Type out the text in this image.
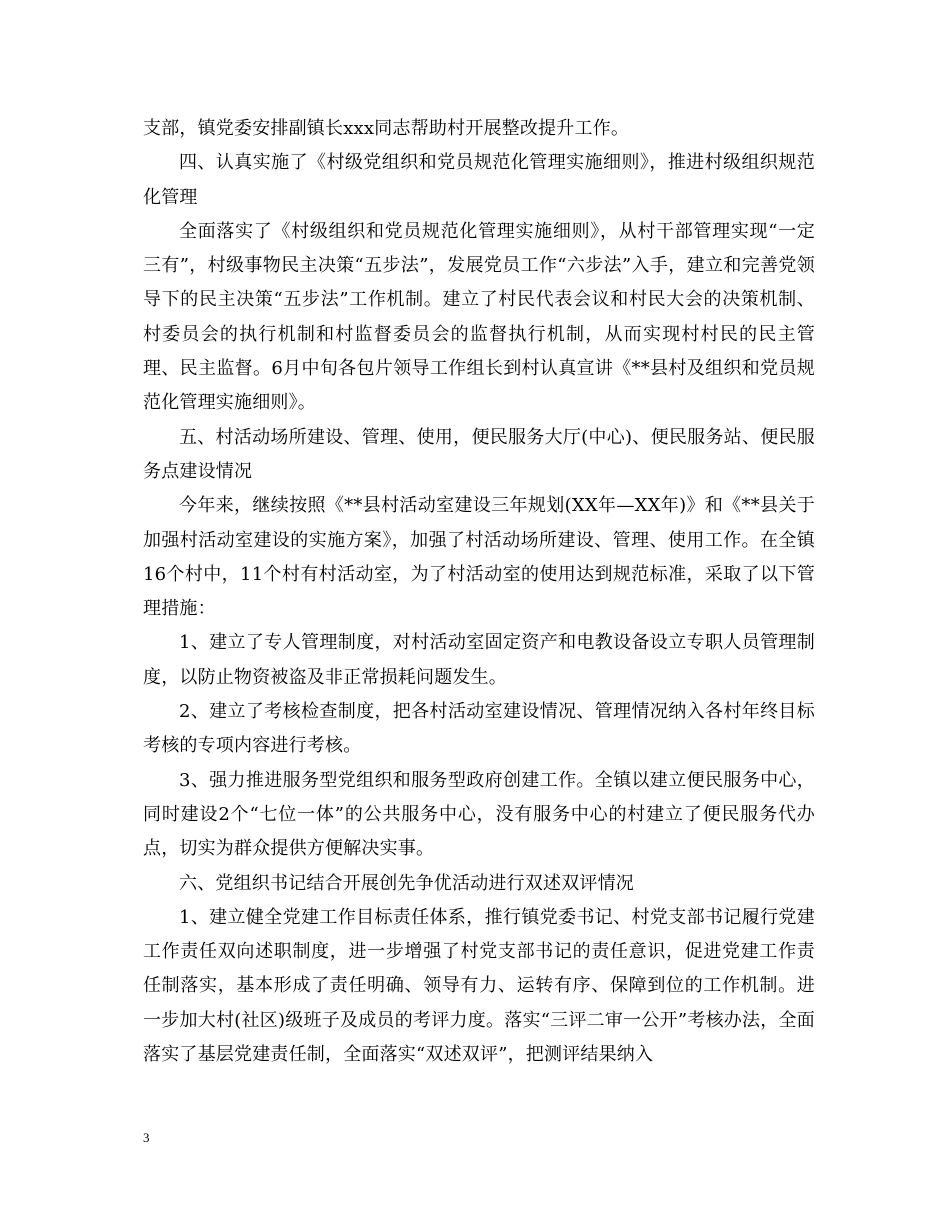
支部，镇党委安排副镇长xxx同志帮助村开展整改提升工作。

四、认真实施了《村级党组织和党员规范化管理实施细则》，推进村级组织规范化管理

全面落实了《村级组织和党员规范化管理实施细则》，从村干部管理实现“一定三有”，村级事物民主决策“五步法”，发展党员工作“六步法”入手，建立和完善党领导下的民主决策“五步法”工作机制。建立了村民代表会议和村民大会的决策机制、村委员会的执行机制和村监督委员会的监督执行机制，从而实现村村民的民主管理、民主监督。6月中旬各包片领导工作组长到村认真宣讲《**县村及组织和党员规范化管理实施细则》。

五、村活动场所建设、管理、使用，便民服务大厅(中心)、便民服务站、便民服务点建设情况

今年来，继续按照《**县村活动室建设三年规划(XX年—XX年)》和《**县关于加强村活动室建设的实施方案》，加强了村活动场所建设、管理、使用工作。在全镇16个村中，11个村有村活动室，为了村活动室的使用达到规范标准，采取了以下管理措施：

1、建立了专人管理制度，对村活动室固定资产和电教设备设立专职人员管理制度，以防止物资被盗及非正常损耗问题发生。

2、建立了考核检查制度，把各村活动室建设情况、管理情况纳入各村年终目标考核的专项内容进行考核。

3、强力推进服务型党组织和服务型政府创建工作。全镇以建立便民服务中心，同时建设2个“七位一体”的公共服务中心，没有服务中心的村建立了便民服务代办点，切实为群众提供方便解决实事。

六、党组织书记结合开展创先争优活动进行双述双评情况

1、建立健全党建工作目标责任体系，推行镇党委书记、村党支部书记履行党建工作责任双向述职制度，进一步增强了村党支部书记的责任意识，促进党建工作责任制落实，基本形成了责任明确、领导有力、运转有序、保障到位的工作机制。进一步加大村(社区)级班子及成员的考评力度。落实“三评二审一公开”考核办法，全面落实了基层党建责任制，全面落实“双述双评”，把测评结果纳入

3
